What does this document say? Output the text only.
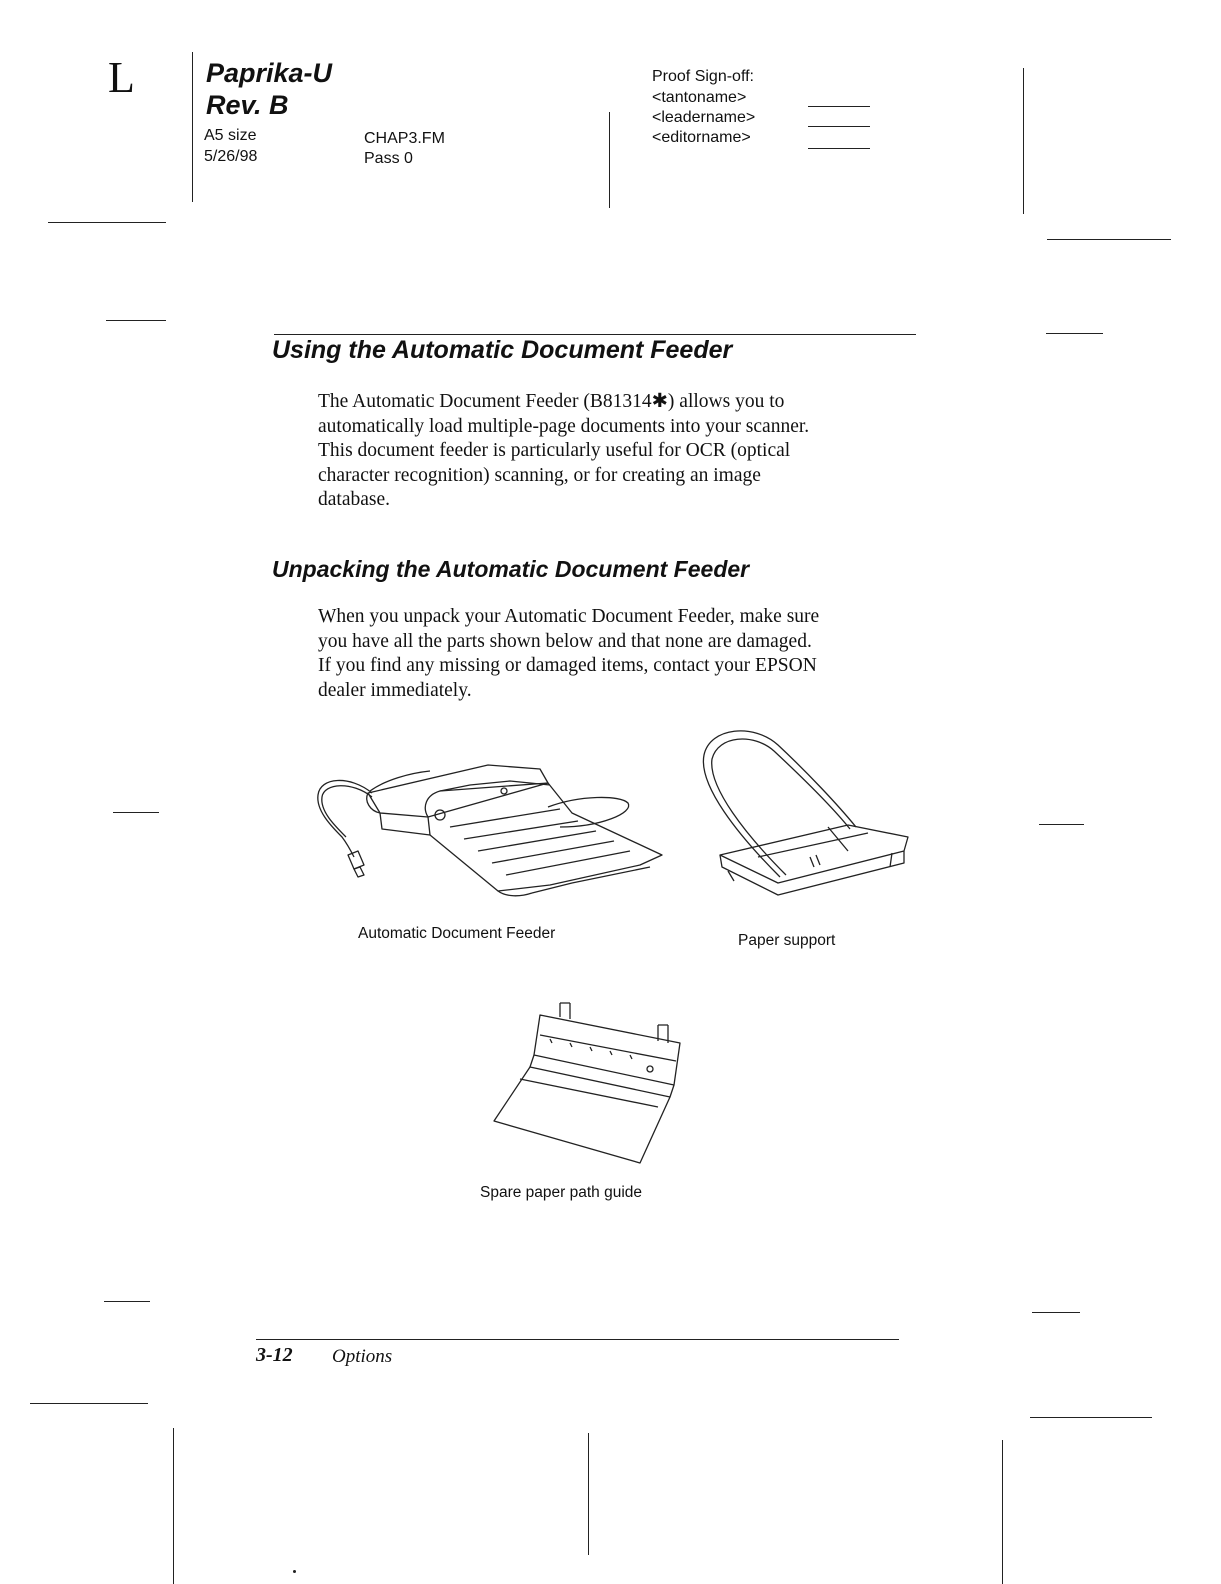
L	Paprika-U
Rev. B
A5 size
5/26/98
CHAP3.FM
Pass 0
Proof Sign-off:
<tantoname>
<leadername>
<editorname>
Using the Automatic Document Feeder
The Automatic Document Feeder (B81314✱) allows you to
automatically load multiple-page documents into your scanner.
This document feeder is particularly useful for OCR (optical
character recognition) scanning, or for creating an image
database.
Unpacking the Automatic Document Feeder
When you unpack your Automatic Document Feeder, make sure
you have all the parts shown below and that none are damaged.
If you find any missing or damaged items, contact your EPSON
dealer immediately.
Automatic Document Feeder	Paper support
Spare paper path guide
3-12 Options
